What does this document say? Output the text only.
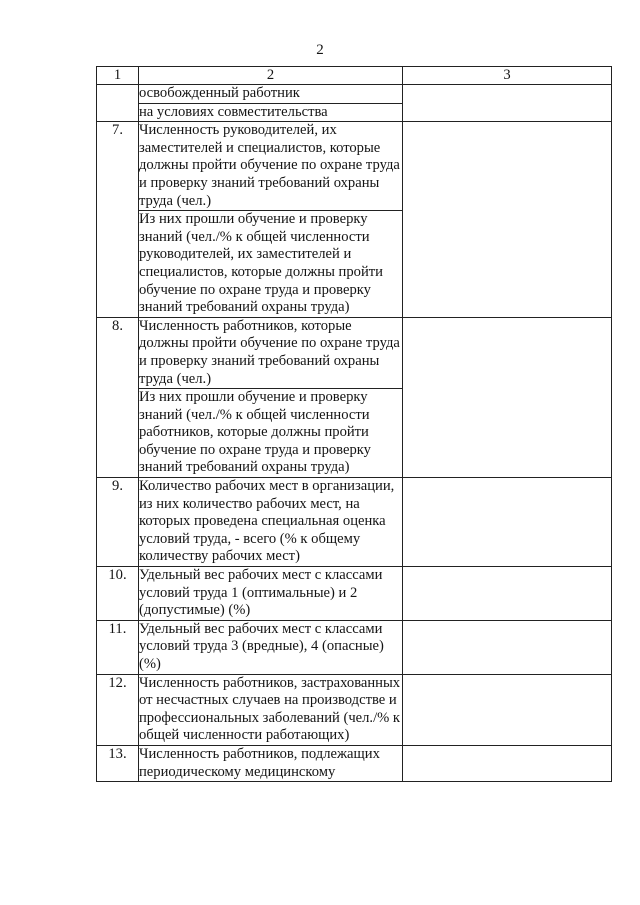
2
1	2	3
	освобожденный работник	
	на условиях совместительства	
7.	Численность руководителей, их заместителей и специалистов, которые должны пройти обучение по охране труда и проверку знаний требований охраны труда (чел.)	
	Из них прошли обучение и проверку знаний (чел./% к общей численности руководителей, их заместителей и специалистов, которые должны пройти обучение по охране труда и проверку знаний требований охраны труда)	
8.	Численность работников, которые должны пройти обучение по охране труда и проверку знаний требований охраны труда (чел.)	
	Из них прошли обучение и проверку знаний (чел./% к общей численности работников, которые должны пройти обучение по охране труда и проверку знаний требований охраны труда)	
9.	Количество рабочих мест в организации, из них количество рабочих мест, на которых проведена специальная оценка условий труда, - всего (% к общему количеству рабочих мест)	
10.	Удельный вес рабочих мест с классами условий труда 1 (оптимальные) и 2 (допустимые) (%)	
11.	Удельный вес рабочих мест с классами условий труда 3 (вредные), 4 (опасные) (%)	
12.	Численность работников, застрахованных от несчастных случаев на производстве и профессиональных заболеваний (чел./% к общей численности работающих)	
13.	Численность работников, подлежащих периодическому медицинскому	
